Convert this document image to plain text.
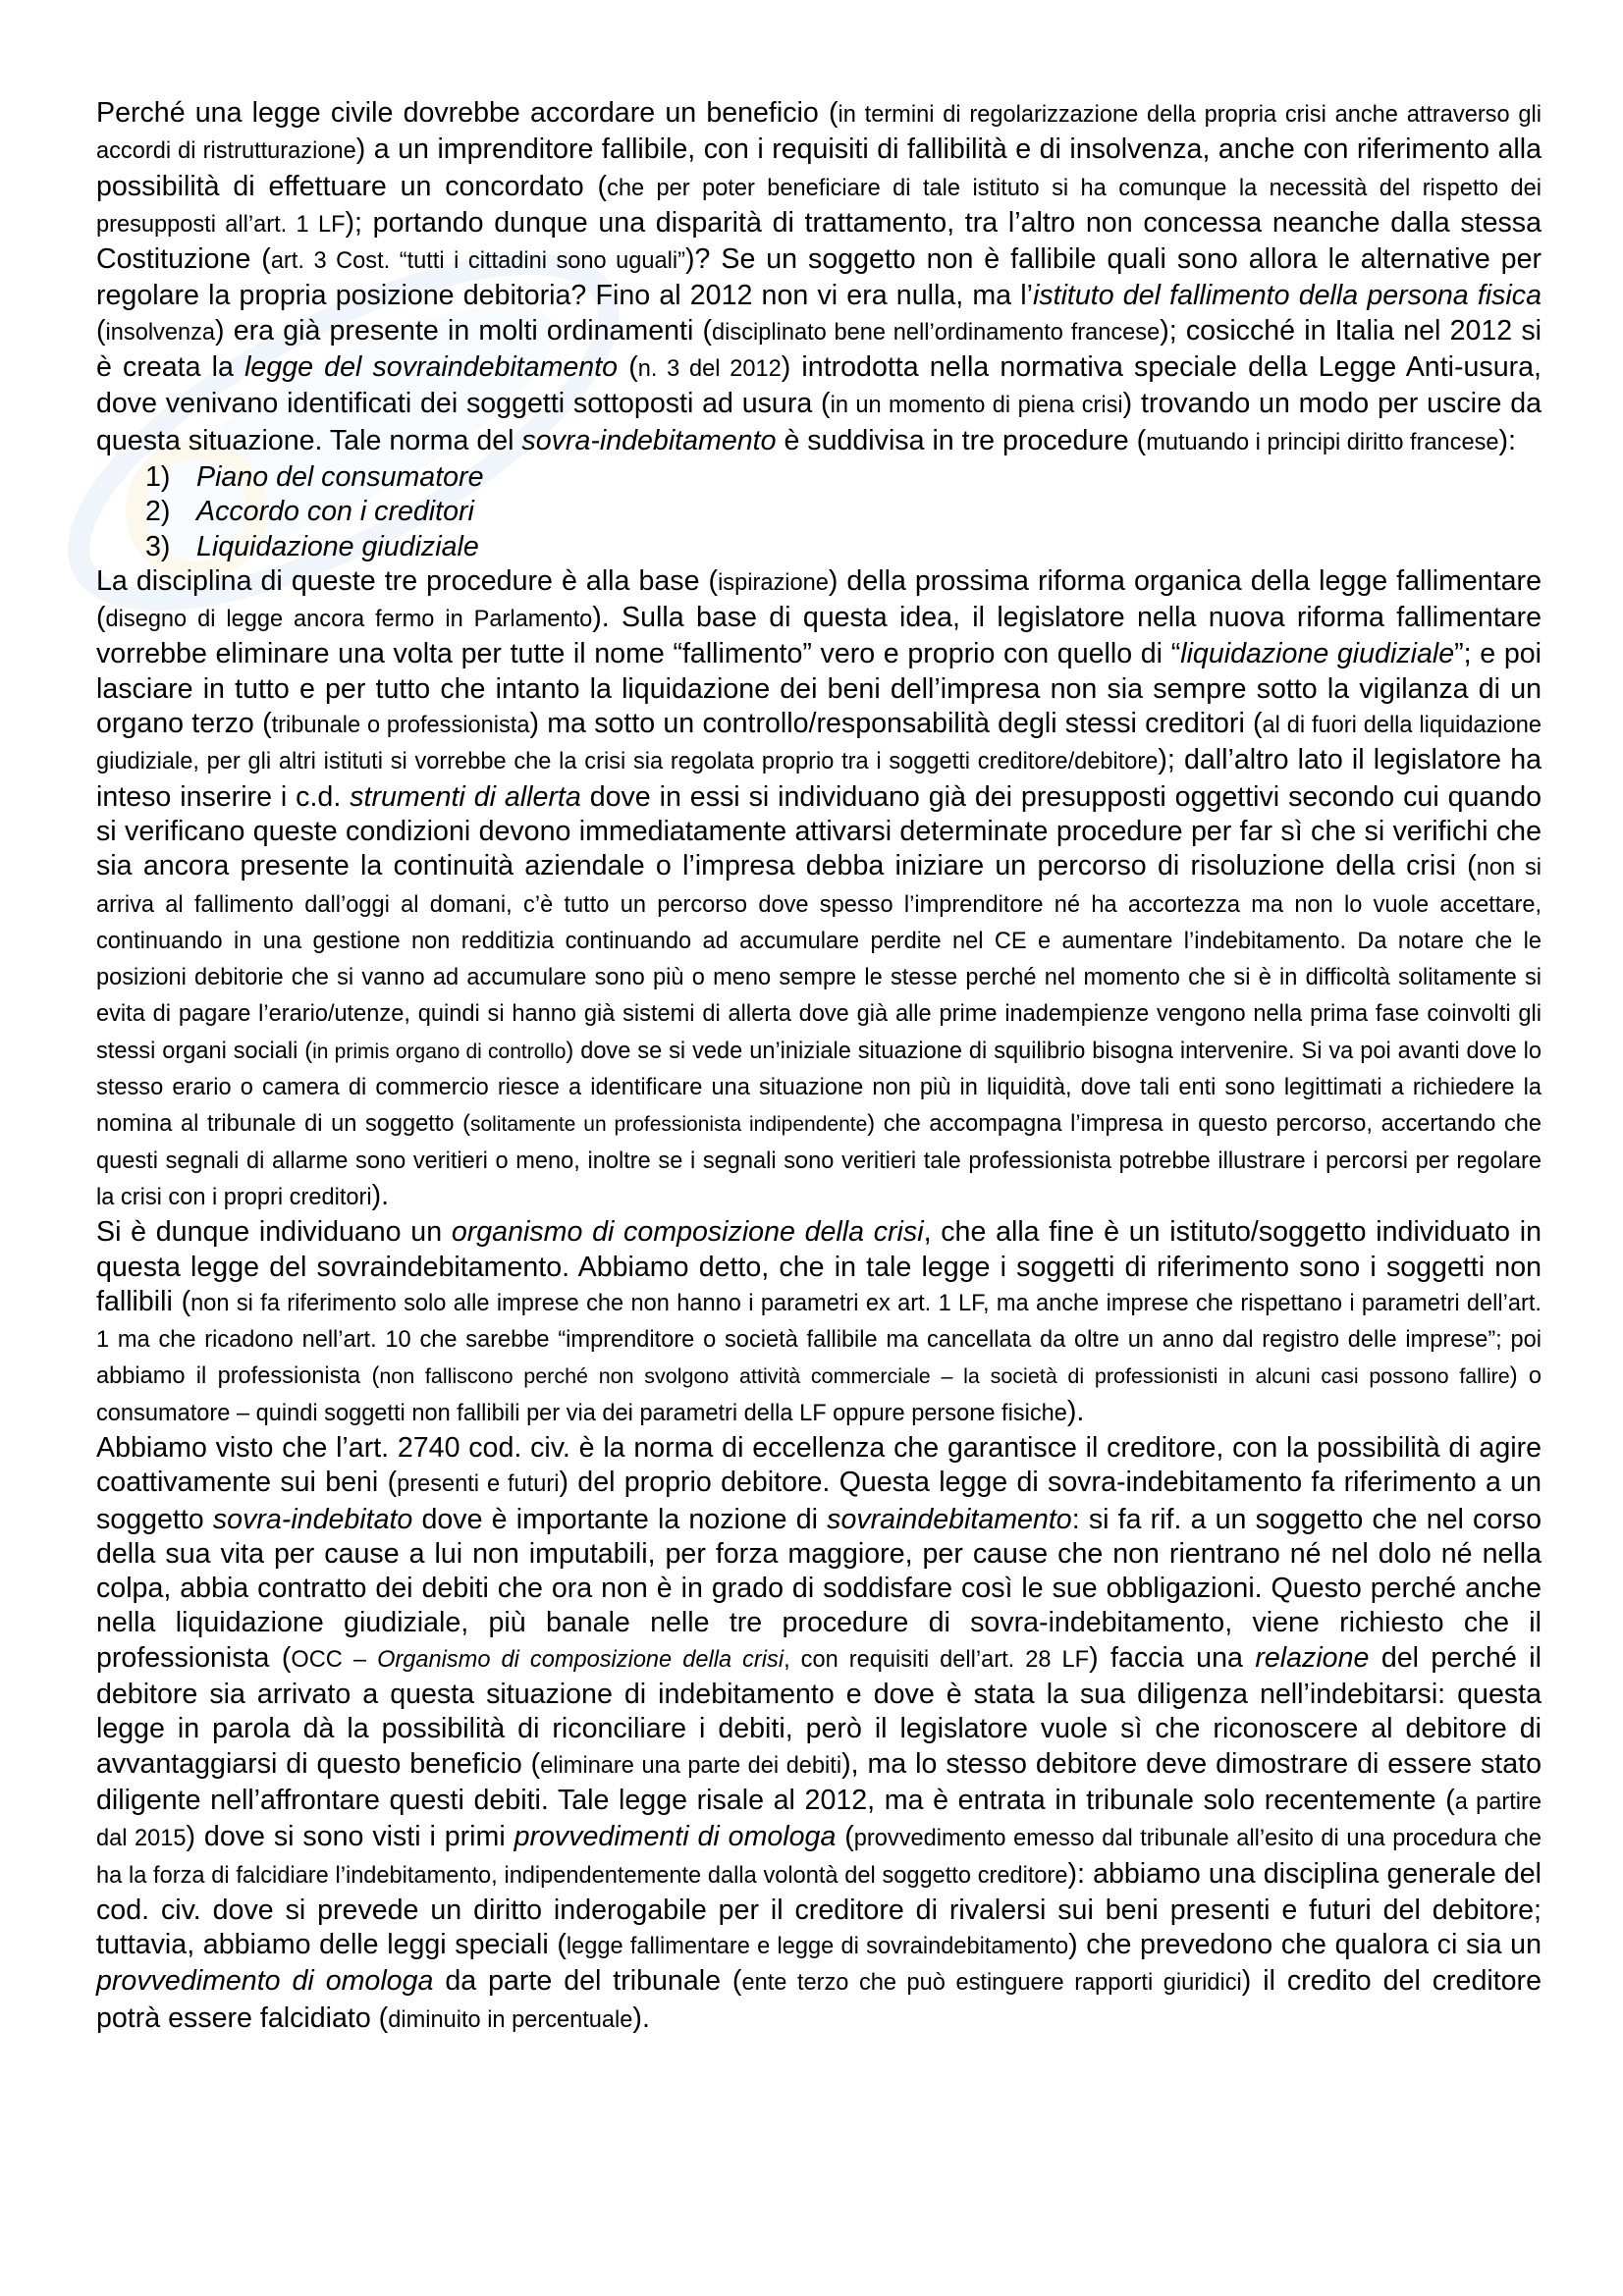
Perché una legge civile dovrebbe accordare un beneficio (in termini di regolarizzazione della propria crisi anche attraverso gli accordi di ristrutturazione) a un imprenditore fallibile, con i requisiti di fallibilità e di insolvenza, anche con riferimento alla possibilità di effettuare un concordato (che per poter beneficiare di tale istituto si ha comunque la necessità del rispetto dei presupposti all’art. 1 LF); portando dunque una disparità di trattamento, tra l’altro non concessa neanche dalla stessa Costituzione (art. 3 Cost. “tutti i cittadini sono uguali”)? Se un soggetto non è fallibile quali sono allora le alternative per regolare la propria posizione debitoria? Fino al 2012 non vi era nulla, ma l’istituto del fallimento della persona fisica (insolvenza) era già presente in molti ordinamenti (disciplinato bene nell’ordinamento francese); cosicché in Italia nel 2012 si è creata la legge del sovraindebitamento (n. 3 del 2012) introdotta nella normativa speciale della Legge Anti-usura, dove venivano identificati dei soggetti sottoposti ad usura (in un momento di piena crisi) trovando un modo per uscire da questa situazione. Tale norma del sovra-indebitamento è suddivisa in tre procedure (mutuando i principi diritto francese):

1) Piano del consumatore
2) Accordo con i creditori
3) Liquidazione giudiziale

La disciplina di queste tre procedure è alla base (ispirazione) della prossima riforma organica della legge fallimentare (disegno di legge ancora fermo in Parlamento). Sulla base di questa idea, il legislatore nella nuova riforma fallimentare vorrebbe eliminare una volta per tutte il nome “fallimento” vero e proprio con quello di “liquidazione giudiziale”; e poi lasciare in tutto e per tutto che intanto la liquidazione dei beni dell’impresa non sia sempre sotto la vigilanza di un organo terzo (tribunale o professionista) ma sotto un controllo/responsabilità degli stessi creditori (al di fuori della liquidazione giudiziale, per gli altri istituti si vorrebbe che la crisi sia regolata proprio tra i soggetti creditore/debitore); dall’altro lato il legislatore ha inteso inserire i c.d. strumenti di allerta dove in essi si individuano già dei presupposti oggettivi secondo cui quando si verificano queste condizioni devono immediatamente attivarsi determinate procedure per far sì che si verifichi che sia ancora presente la continuità aziendale o l’impresa debba iniziare un percorso di risoluzione della crisi (non si arriva al fallimento dall’oggi al domani, c’è tutto un percorso dove spesso l’imprenditore né ha accortezza ma non lo vuole accettare, continuando in una gestione non redditizia continuando ad accumulare perdite nel CE e aumentare l’indebitamento. Da notare che le posizioni debitorie che si vanno ad accumulare sono più o meno sempre le stesse perché nel momento che si è in difficoltà solitamente si evita di pagare l’erario/utenze, quindi si hanno già sistemi di allerta dove già alle prime inadempienze vengono nella prima fase coinvolti gli stessi organi sociali (in primis organo di controllo) dove se si vede un’iniziale situazione di squilibrio bisogna intervenire. Si va poi avanti dove lo stesso erario o camera di commercio riesce a identificare una situazione non più in liquidità, dove tali enti sono legittimati a richiedere la nomina al tribunale di un soggetto (solitamente un professionista indipendente) che accompagna l’impresa in questo percorso, accertando che questi segnali di allarme sono veritieri o meno, inoltre se i segnali sono veritieri tale professionista potrebbe illustrare i percorsi per regolare la crisi con i propri creditori).

Si è dunque individuano un organismo di composizione della crisi, che alla fine è un istituto/soggetto individuato in questa legge del sovraindebitamento. Abbiamo detto, che in tale legge i soggetti di riferimento sono i soggetti non fallibili (non si fa riferimento solo alle imprese che non hanno i parametri ex art. 1 LF, ma anche imprese che rispettano i parametri dell’art. 1 ma che ricadono nell’art. 10 che sarebbe “imprenditore o società fallibile ma cancellata da oltre un anno dal registro delle imprese”; poi abbiamo il professionista (non falliscono perché non svolgono attività commerciale – la società di professionisti in alcuni casi possono fallire) o consumatore – quindi soggetti non fallibili per via dei parametri della LF oppure persone fisiche).

Abbiamo visto che l’art. 2740 cod. civ. è la norma di eccellenza che garantisce il creditore, con la possibilità di agire coattivamente sui beni (presenti e futuri) del proprio debitore. Questa legge di sovra-indebitamento fa riferimento a un soggetto sovra-indebitato dove è importante la nozione di sovraindebitamento: si fa rif. a un soggetto che nel corso della sua vita per cause a lui non imputabili, per forza maggiore, per cause che non rientrano né nel dolo né nella colpa, abbia contratto dei debiti che ora non è in grado di soddisfare così le sue obbligazioni. Questo perché anche nella liquidazione giudiziale, più banale nelle tre procedure di sovra-indebitamento, viene richiesto che il professionista (OCC – Organismo di composizione della crisi, con requisiti dell’art. 28 LF) faccia una relazione del perché il debitore sia arrivato a questa situazione di indebitamento e dove è stata la sua diligenza nell’indebitarsi: questa legge in parola dà la possibilità di riconciliare i debiti, però il legislatore vuole sì che riconoscere al debitore di avvantaggiarsi di questo beneficio (eliminare una parte dei debiti), ma lo stesso debitore deve dimostrare di essere stato diligente nell’affrontare questi debiti. Tale legge risale al 2012, ma è entrata in tribunale solo recentemente (a partire dal 2015) dove si sono visti i primi provvedimenti di omologa (provvedimento emesso dal tribunale all’esito di una procedura che ha la forza di falcidiare l’indebitamento, indipendentemente dalla volontà del soggetto creditore): abbiamo una disciplina generale del cod. civ. dove si prevede un diritto inderogabile per il creditore di rivalersi sui beni presenti e futuri del debitore; tuttavia, abbiamo delle leggi speciali (legge fallimentare e legge di sovraindebitamento) che prevedono che qualora ci sia un provvedimento di omologa da parte del tribunale (ente terzo che può estinguere rapporti giuridici) il credito del creditore potrà essere falcidiato (diminuito in percentuale).
